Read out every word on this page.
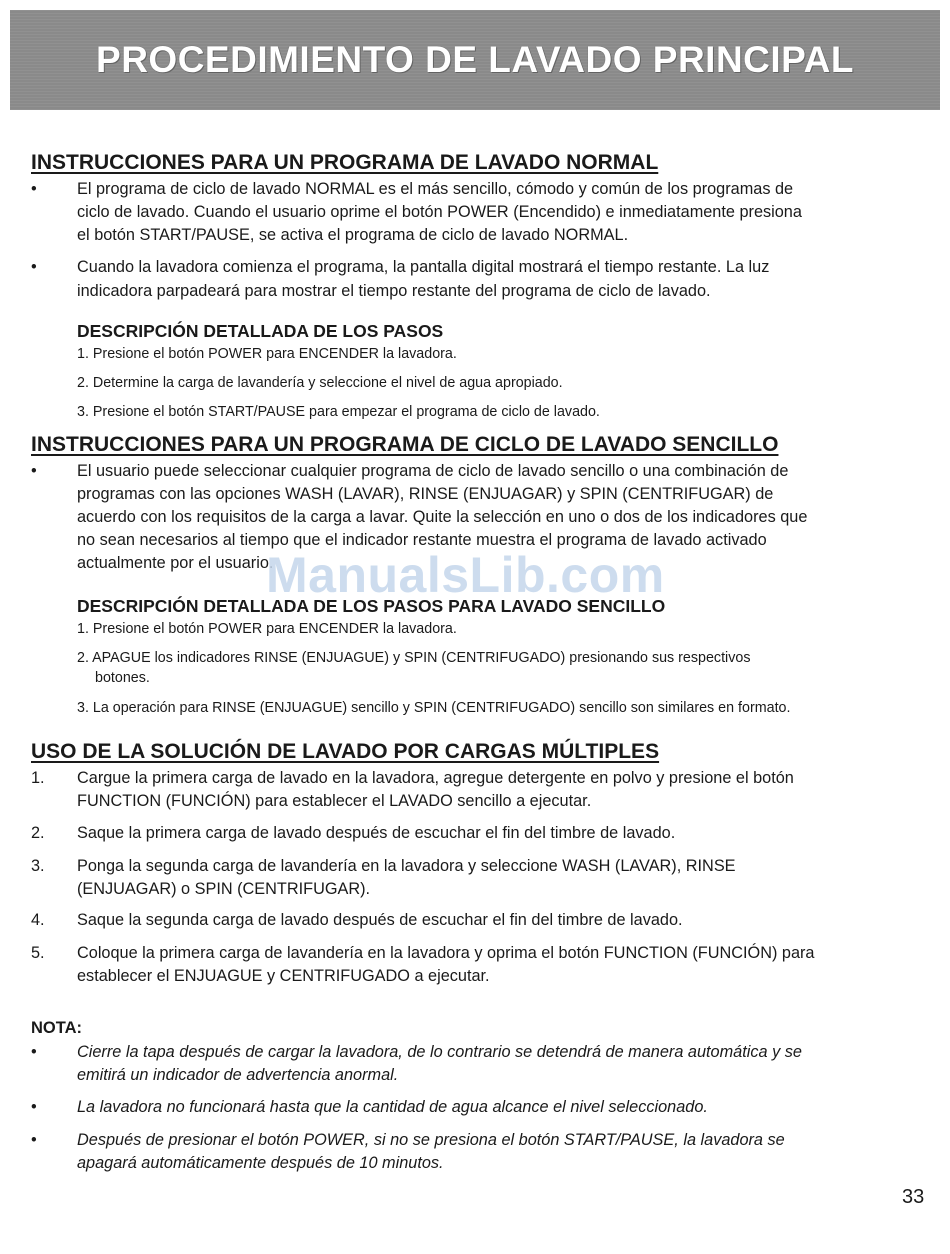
PROCEDIMIENTO DE LAVADO PRINCIPAL
INSTRUCCIONES PARA UN PROGRAMA DE LAVADO NORMAL
• El programa de ciclo de lavado NORMAL es el más sencillo, cómodo y común de los programas de
ciclo de lavado. Cuando el usuario oprime el botón POWER (Encendido) e inmediatamente presiona
el botón START/PAUSE, se activa el programa de ciclo de lavado NORMAL.
• Cuando la lavadora comienza el programa, la pantalla digital mostrará el tiempo restante. La luz
indicadora parpadeará para mostrar el tiempo restante del programa de ciclo de lavado.
DESCRIPCIÓN DETALLADA DE LOS PASOS
1. Presione el botón POWER para ENCENDER la lavadora.
2. Determine la carga de lavandería y seleccione el nivel de agua apropiado.
3. Presione el botón START/PAUSE para empezar el programa de ciclo de lavado.
INSTRUCCIONES PARA UN PROGRAMA DE CICLO DE LAVADO SENCILLO
• El usuario puede seleccionar cualquier programa de ciclo de lavado sencillo o una combinación de
programas con las opciones WASH (LAVAR), RINSE (ENJUAGAR) y SPIN (CENTRIFUGAR) de
acuerdo con los requisitos de la carga a lavar. Quite la selección en uno o dos de los indicadores que
no sean necesarios al tiempo que el indicador restante muestra el programa de lavado activado
actualmente por el usuario.
DESCRIPCIÓN DETALLADA DE LOS PASOS PARA LAVADO SENCILLO
1. Presione el botón POWER para ENCENDER la lavadora.
2. APAGUE los indicadores RINSE (ENJUAGUE) y SPIN (CENTRIFUGADO) presionando sus respectivos
botones.
3. La operación para RINSE (ENJUAGUE) sencillo y SPIN (CENTRIFUGADO) sencillo son similares en formato.
ManualsLib.com
USO DE LA SOLUCIÓN DE LAVADO POR CARGAS MÚLTIPLES
1. Cargue la primera carga de lavado en la lavadora, agregue detergente en polvo y presione el botón
FUNCTION (FUNCIÓN) para establecer el LAVADO sencillo a ejecutar.
2. Saque la primera carga de lavado después de escuchar el fin del timbre de lavado.
3. Ponga la segunda carga de lavandería en la lavadora y seleccione WASH (LAVAR), RINSE
(ENJUAGAR) o SPIN (CENTRIFUGAR).
4. Saque la segunda carga de lavado después de escuchar el fin del timbre de lavado.
5. Coloque la primera carga de lavandería en la lavadora y oprima el botón FUNCTION (FUNCIÓN) para
establecer el ENJUAGUE y CENTRIFUGADO a ejecutar.
NOTA:
• Cierre la tapa después de cargar la lavadora, de lo contrario se detendrá de manera automática y se
emitirá un indicador de advertencia anormal.
• La lavadora no funcionará hasta que la cantidad de agua alcance el nivel seleccionado.
• Después de presionar el botón POWER, si no se presiona el botón START/PAUSE, la lavadora se
apagará automáticamente después de 10 minutos.
33
